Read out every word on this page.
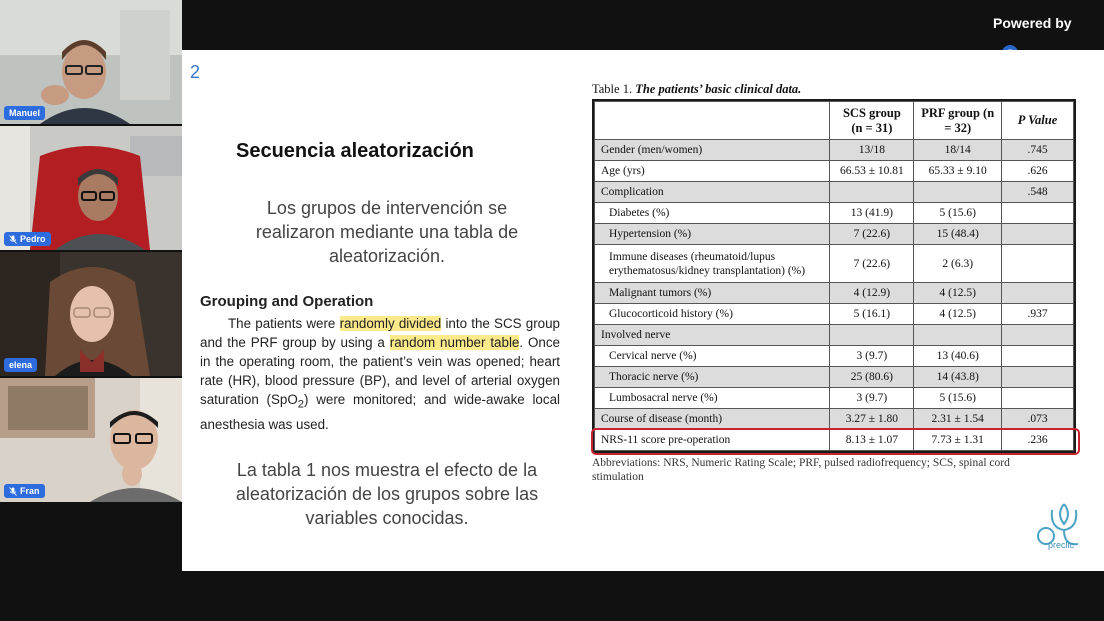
Manuel
Pedro
elena
Fran
Powered by
2
Secuencia aleatorización
Los grupos de intervención se realizaron mediante una tabla de aleatorización.
Grouping and Operation
The patients were randomly divided into the SCS group and the PRF group by using a random number table. Once in the operating room, the patient’s vein was opened; heart rate (HR), blood pressure (BP), and level of arterial oxygen saturation (SpO$_2$) were monitored; and wide-awake local anesthesia was used.
La tabla 1 nos muestra el efecto de la aleatorización de los grupos sobre las variables conocidas.
Table 1. The patients’ basic clinical data.
	SCS group (n = 31)	PRF group (n = 32)	P Value
Gender (men/women)	13/18	18/14	.745
Age (yrs)	66.53 ± 10.81	65.33 ± 9.10	.626
Complication			.548
Diabetes (%)	13 (41.9)	5 (15.6)	
Hypertension (%)	7 (22.6)	15 (48.4)	
Immune diseases (rheumatoid/lupus erythematosus/kidney transplantation) (%)	7 (22.6)	2 (6.3)	
Malignant tumors (%)	4 (12.9)	4 (12.5)	
Glucocorticoid history (%)	5 (16.1)	4 (12.5)	.937
Involved nerve			
Cervical nerve (%)	3 (9.7)	13 (40.6)	
Thoracic nerve (%)	25 (80.6)	14 (43.8)	
Lumbosacral nerve (%)	3 (9.7)	5 (15.6)	
Course of disease (month)	3.27 ± 1.80	2.31 ± 1.54	.073
NRS-11 score pre-operation	8.13 ± 1.07	7.73 ± 1.31	.236
Abbreviations: NRS, Numeric Rating Scale; PRF, pulsed radiofrequency; SCS, spinal cord stimulation
preclic
